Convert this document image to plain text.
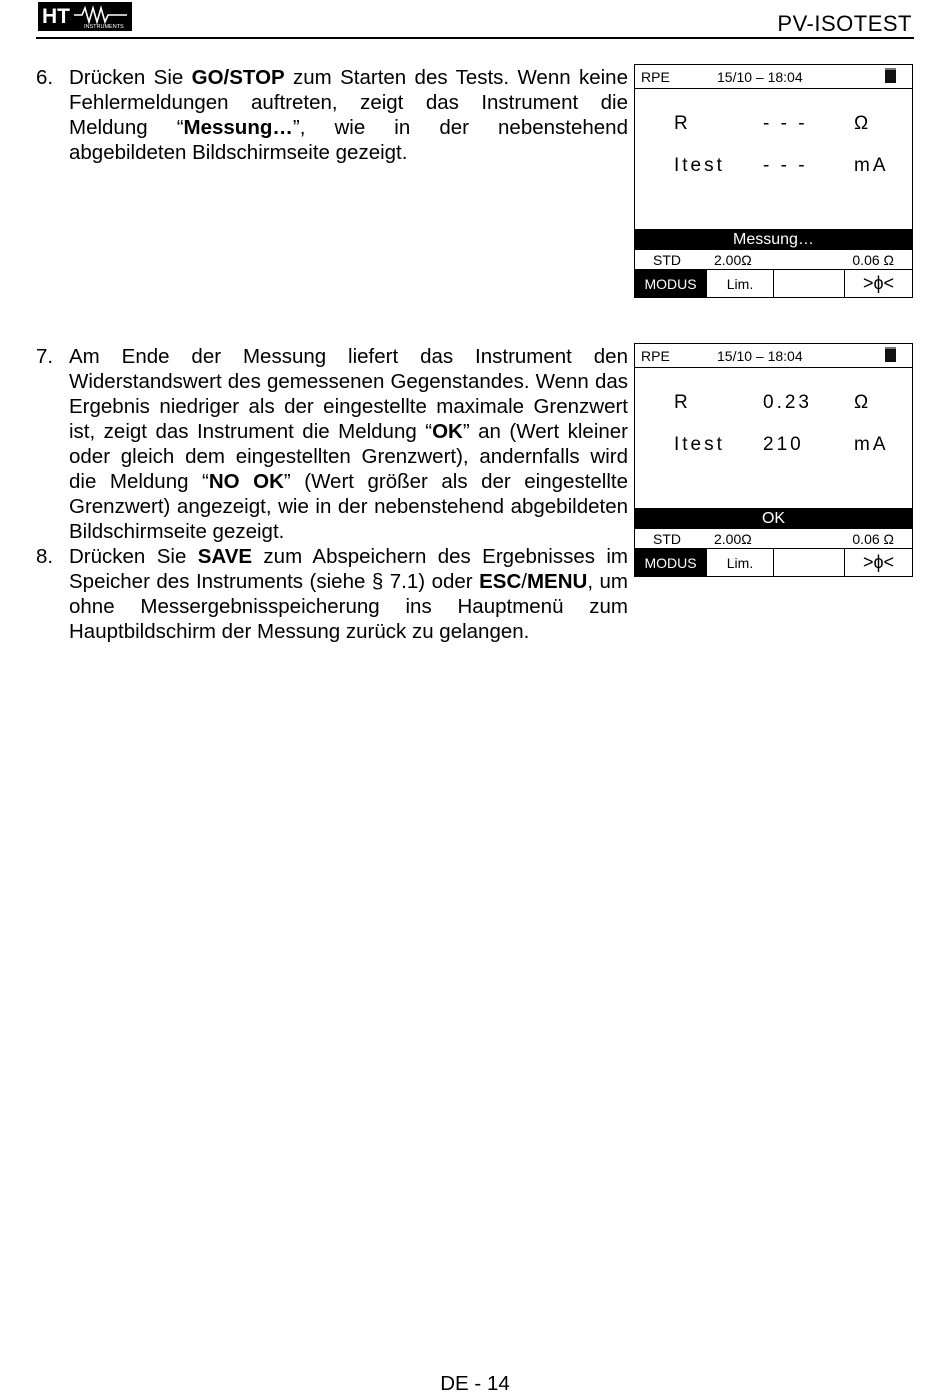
HT	INSTRUMENTS	PV-ISOTEST
6. Drücken Sie GO/STOP zum Starten des Tests. Wenn keine Fehlermeldungen auftreten, zeigt das Instrument die Meldung “Messung…”, wie in der nebenstehend abgebildeten Bildschirmseite gezeigt.
7. Am Ende der Messung liefert das Instrument den Widerstandswert des gemessenen Gegenstandes. Wenn das Ergebnis niedriger als der eingestellte maximale Grenzwert ist, zeigt das Instrument die Meldung “OK” an (Wert kleiner oder gleich dem eingestellten Grenzwert), andernfalls wird die Meldung “NO OK” (Wert größer als der eingestellte Grenzwert) angezeigt, wie in der nebenstehend abgebildeten Bildschirmseite gezeigt.
8. Drücken Sie SAVE zum Abspeichern des Ergebnisses im Speicher des Instruments (siehe § 7.1) oder ESC/MENU, um ohne Messergebnisspeicherung ins Hauptmenü zum Hauptbildschirm der Messung zurück zu gelangen.
RPE	15/10 – 18:04
R	- - - Ω
Itest - - - mA
Messung…
STD 2.00Ω	0.06 Ω
MODUS	Lim.	>ϕ<
RPE	15/10 – 18:04
R	0.23 Ω
Itest 210	mA
OK
STD 2.00Ω	0.06 Ω
MODUS	Lim.	>ϕ<
DE - 14
